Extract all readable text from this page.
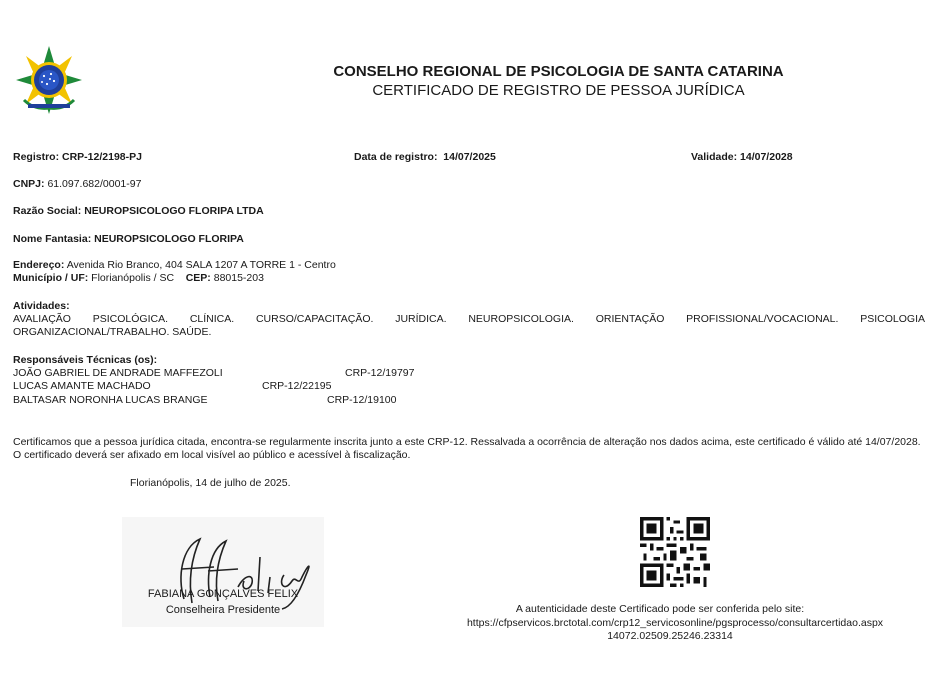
CONSELHO REGIONAL DE PSICOLOGIA DE SANTA CATARINA
CERTIFICADO DE REGISTRO DE PESSOA JURÍDICA
Registro: CRP-12/2198-PJ	Data de registro: 14/07/2025	Validade: 14/07/2028
CNPJ: 61.097.682/0001-97
Razão Social: NEUROPSICOLOGO FLORIPA LTDA
Nome Fantasia: NEUROPSICOLOGO FLORIPA
Endereço: Avenida Rio Branco, 404 SALA 1207 A TORRE 1 - Centro
Município / UF: Florianópolis / SC CEP: 88015-203
Atividades:
AVALIAÇÃO PSICOLÓGICA. CLÍNICA. CURSO/CAPACITAÇÃO. JURÍDICA. NEUROPSICOLOGIA. ORIENTAÇÃO PROFISSIONAL/VOCACIONAL. PSICOLOGIA ORGANIZACIONAL/TRABALHO. SAÚDE.
Responsáveis Técnicas (os):
JOÃO GABRIEL DE ANDRADE MAFFEZOLI	CRP-12/19797
LUCAS AMANTE MACHADO	CRP-12/22195
BALTASAR NORONHA LUCAS BRANGE	CRP-12/19100
Certificamos que a pessoa jurídica citada, encontra-se regularmente inscrita junto a este CRP-12. Ressalvada a ocorrência de alteração nos dados acima, este certificado é válido até 14/07/2028. O certificado deverá ser afixado em local visível ao público e acessível à fiscalização.
Florianópolis, 14 de julho de 2025.
FABIANA GONÇALVES FELIX
Conselheira Presidente	A autenticidade deste Certificado pode ser conferida pelo site:
https://cfpservicos.brctotal.com/crp12_servicosonline/pgsprocesso/consultarcertidao.aspx
14072.02509.25246.23314
